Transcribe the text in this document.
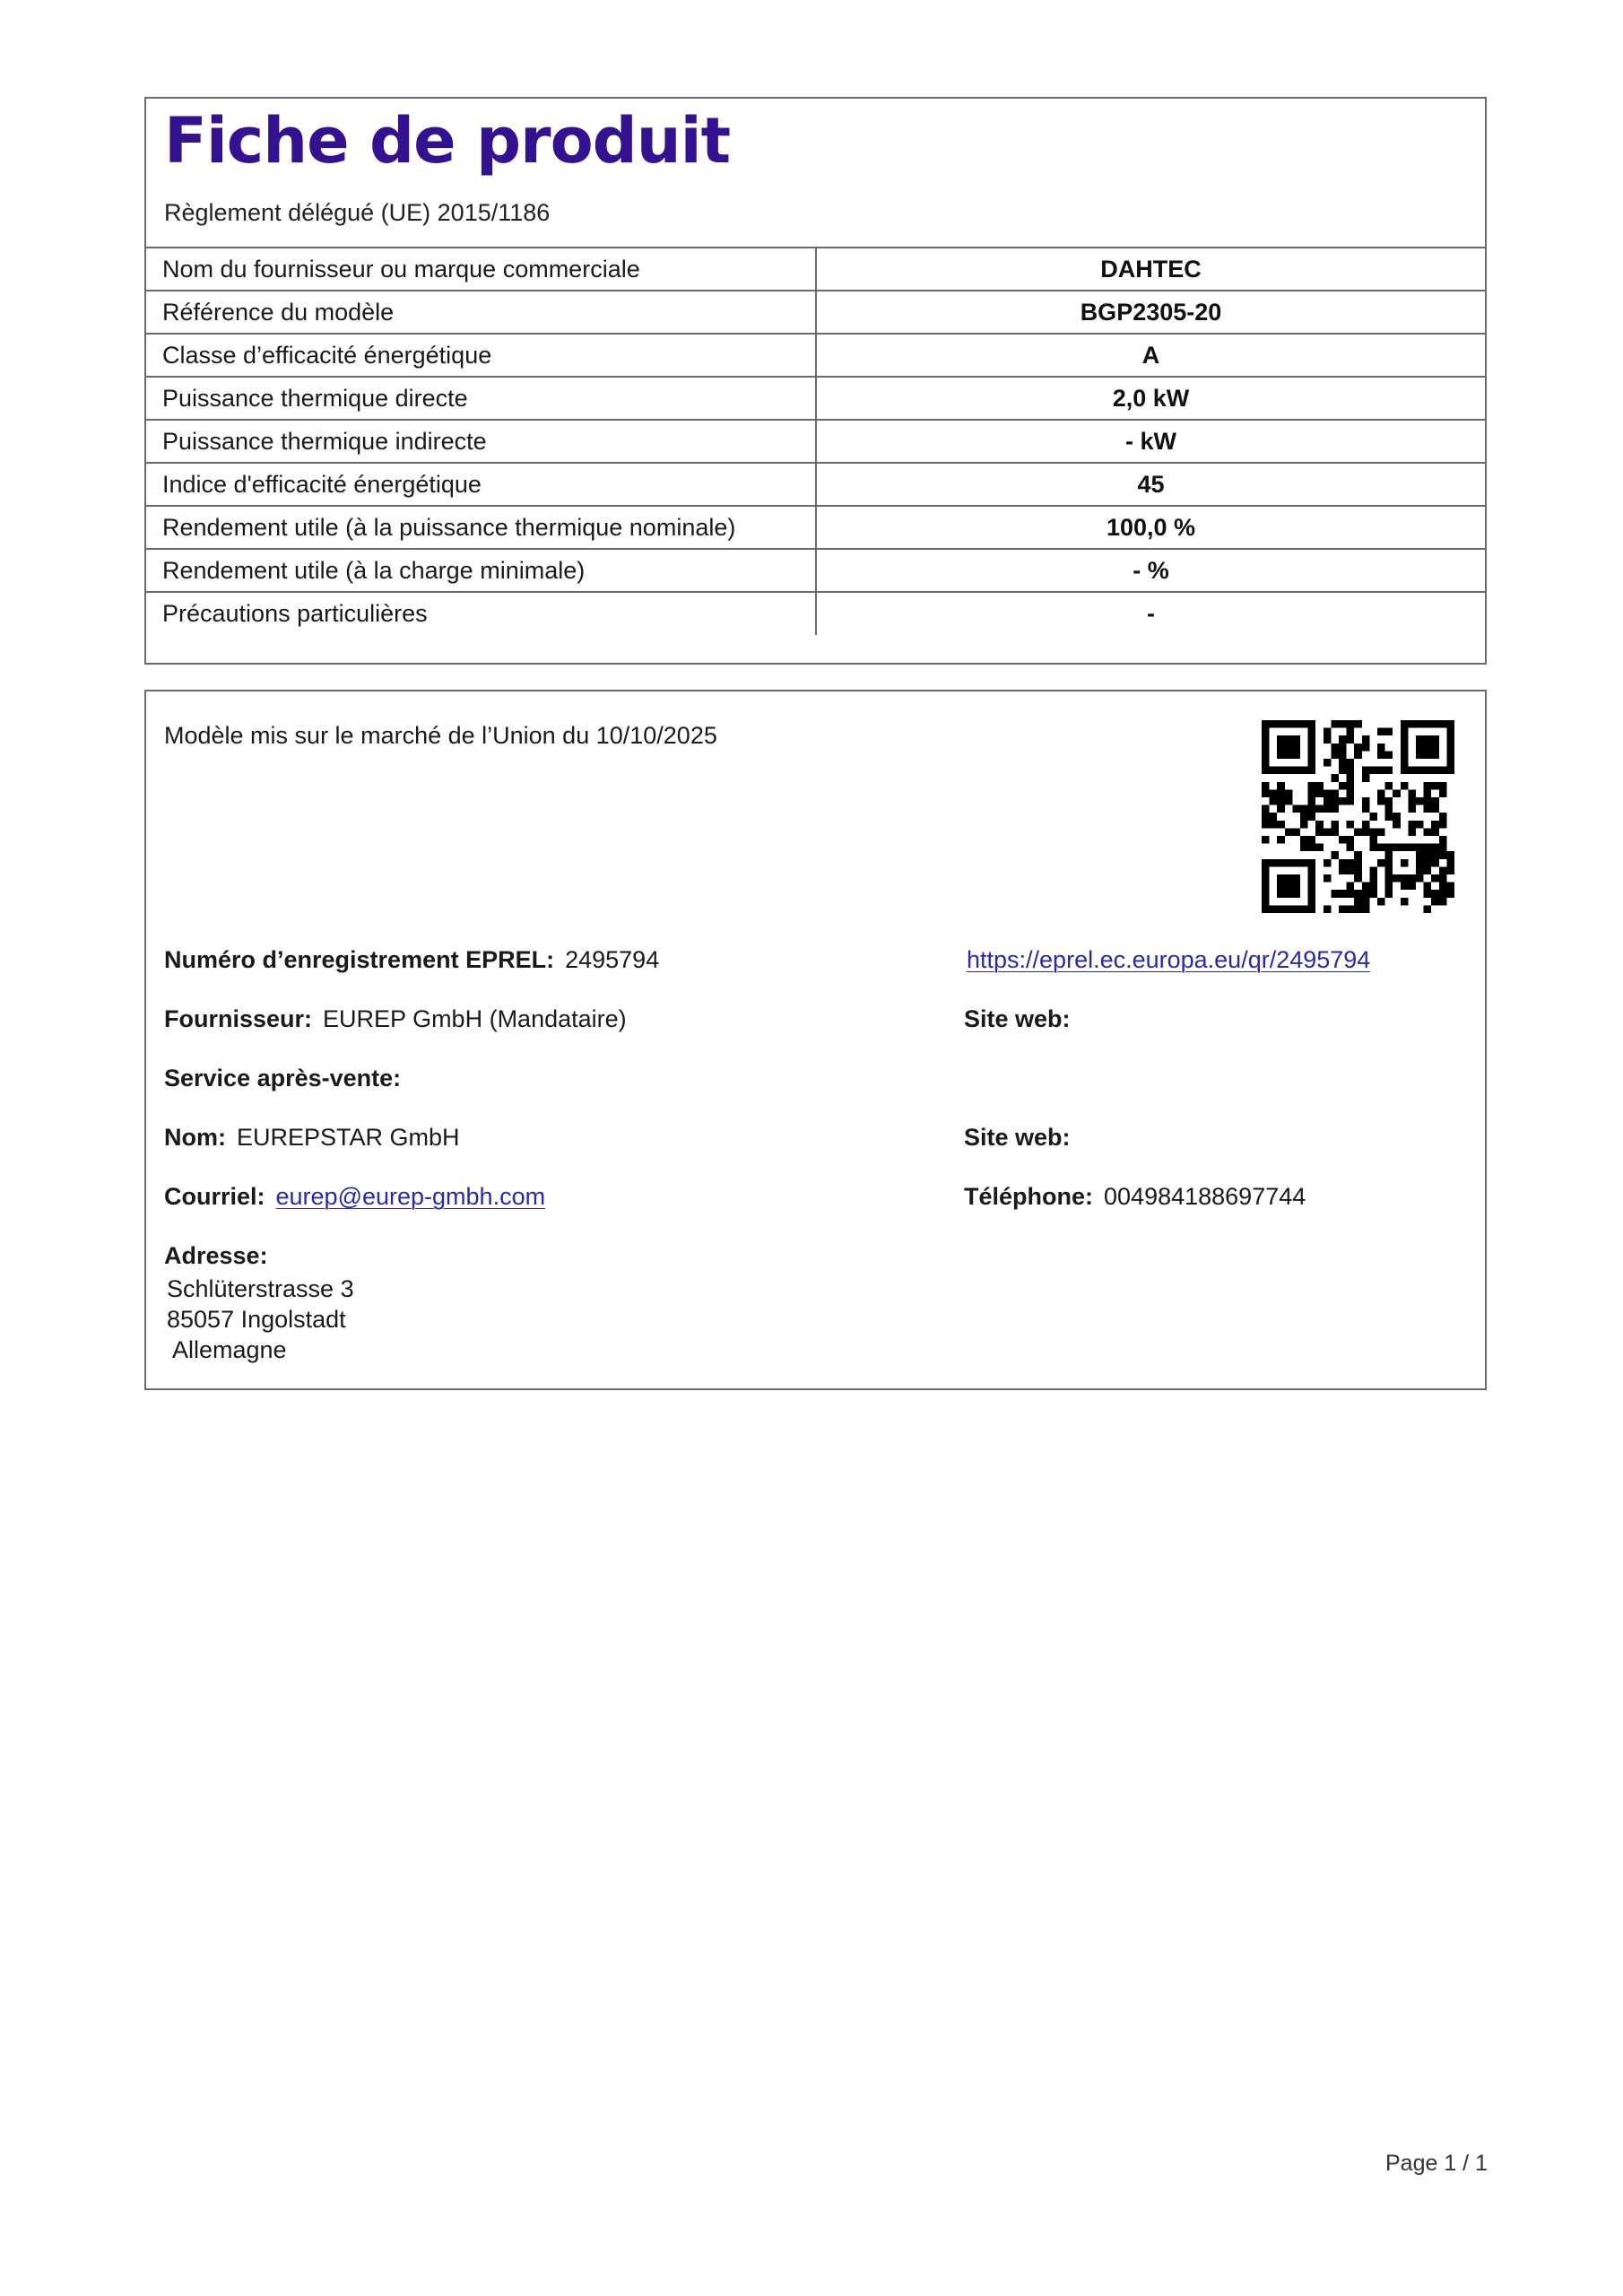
Fiche de produit
Règlement délégué (UE) 2015/1186
Nom du fournisseur ou marque commerciale	DAHTEC
Référence du modèle	BGP2305-20
Classe d’efficacité énergétique	A
Puissance thermique directe	2,0 kW
Puissance thermique indirecte	- kW
Indice d'efficacité énergétique	45
Rendement utile (à la puissance thermique nominale)	100,0 %
Rendement utile (à la charge minimale)	- %
Précautions particulières	-
Modèle mis sur le marché de l’Union du 10/10/2025
Numéro d’enregistrement EPREL: 2495794	https://eprel.ec.europa.eu/qr/2495794
Fournisseur: EUREP GmbH (Mandataire)	Site web:
Service après-vente:
Nom: EUREPSTAR GmbH	Site web:
Courriel: eurep@eurep-gmbh.com	Téléphone: 004984188697744
Adresse:
Schlüterstrasse 3
85057 Ingolstadt
Allemagne
Page 1 / 1
